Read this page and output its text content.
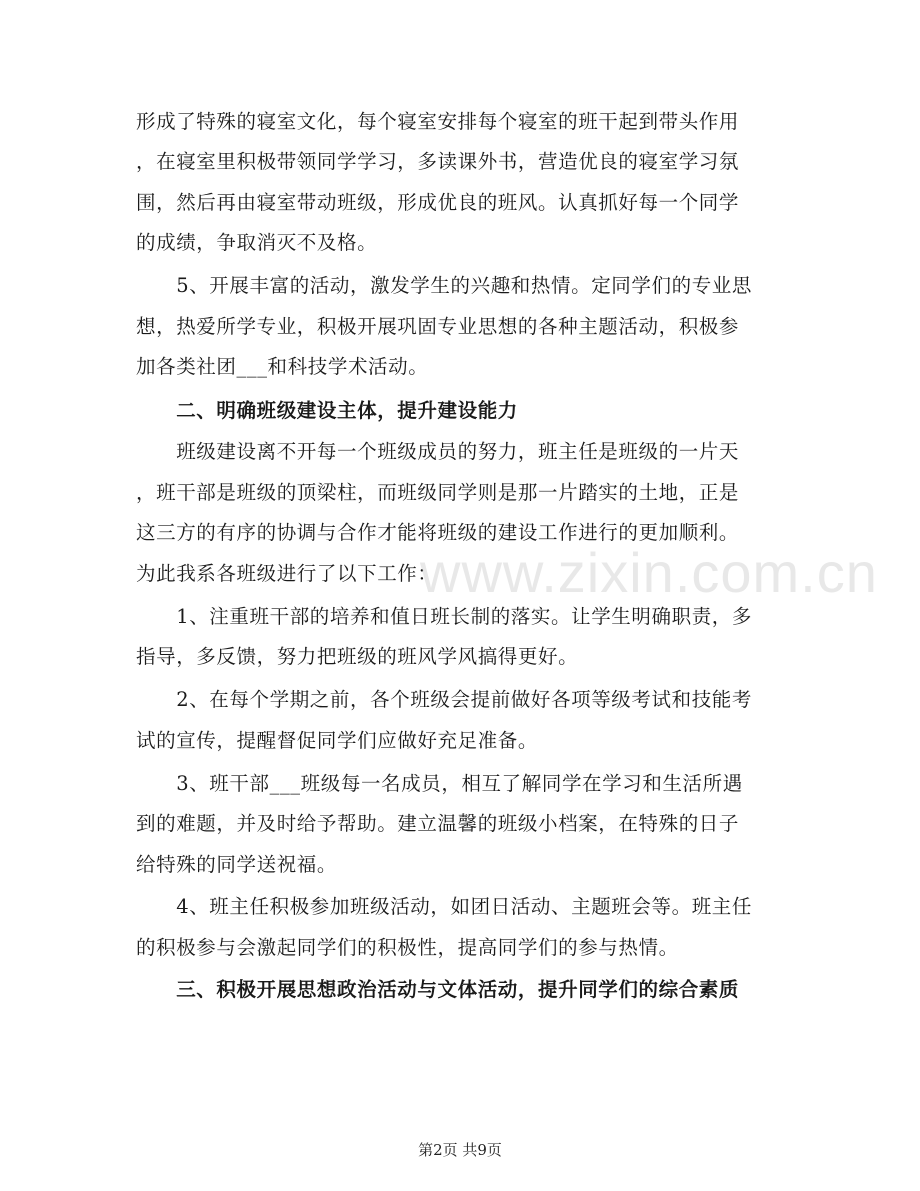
形成了特殊的寝室文化，每个寝室安排每个寝室的班干起到带头作用
，在寝室里积极带领同学学习，多读课外书，营造优良的寝室学习氛
围，然后再由寝室带动班级，形成优良的班风。认真抓好每一个同学
的成绩，争取消灭不及格。
　　5、开展丰富的活动，激发学生的兴趣和热情。定同学们的专业思
想，热爱所学专业，积极开展巩固专业思想的各种主题活动，积极参
加各类社团___和科技学术活动。
　　二、明确班级建设主体，提升建设能力
　　班级建设离不开每一个班级成员的努力，班主任是班级的一片天
，班干部是班级的顶梁柱，而班级同学则是那一片踏实的土地，正是
这三方的有序的协调与合作才能将班级的建设工作进行的更加顺利。
为此我系各班级进行了以下工作：
　　1、注重班干部的培养和值日班长制的落实。让学生明确职责，多
指导，多反馈，努力把班级的班风学风搞得更好。
　　2、在每个学期之前，各个班级会提前做好各项等级考试和技能考
试的宣传，提醒督促同学们应做好充足准备。
　　3、班干部___班级每一名成员，相互了解同学在学习和生活所遇
到的难题，并及时给予帮助。建立温馨的班级小档案，在特殊的日子
给特殊的同学送祝福。
　　4、班主任积极参加班级活动，如团日活动、主题班会等。班主任
的积极参与会激起同学们的积极性，提高同学们的参与热情。
　　三、积极开展思想政治活动与文体活动，提升同学们的综合素质
www.zixin.com.cn
第2页 共9页
